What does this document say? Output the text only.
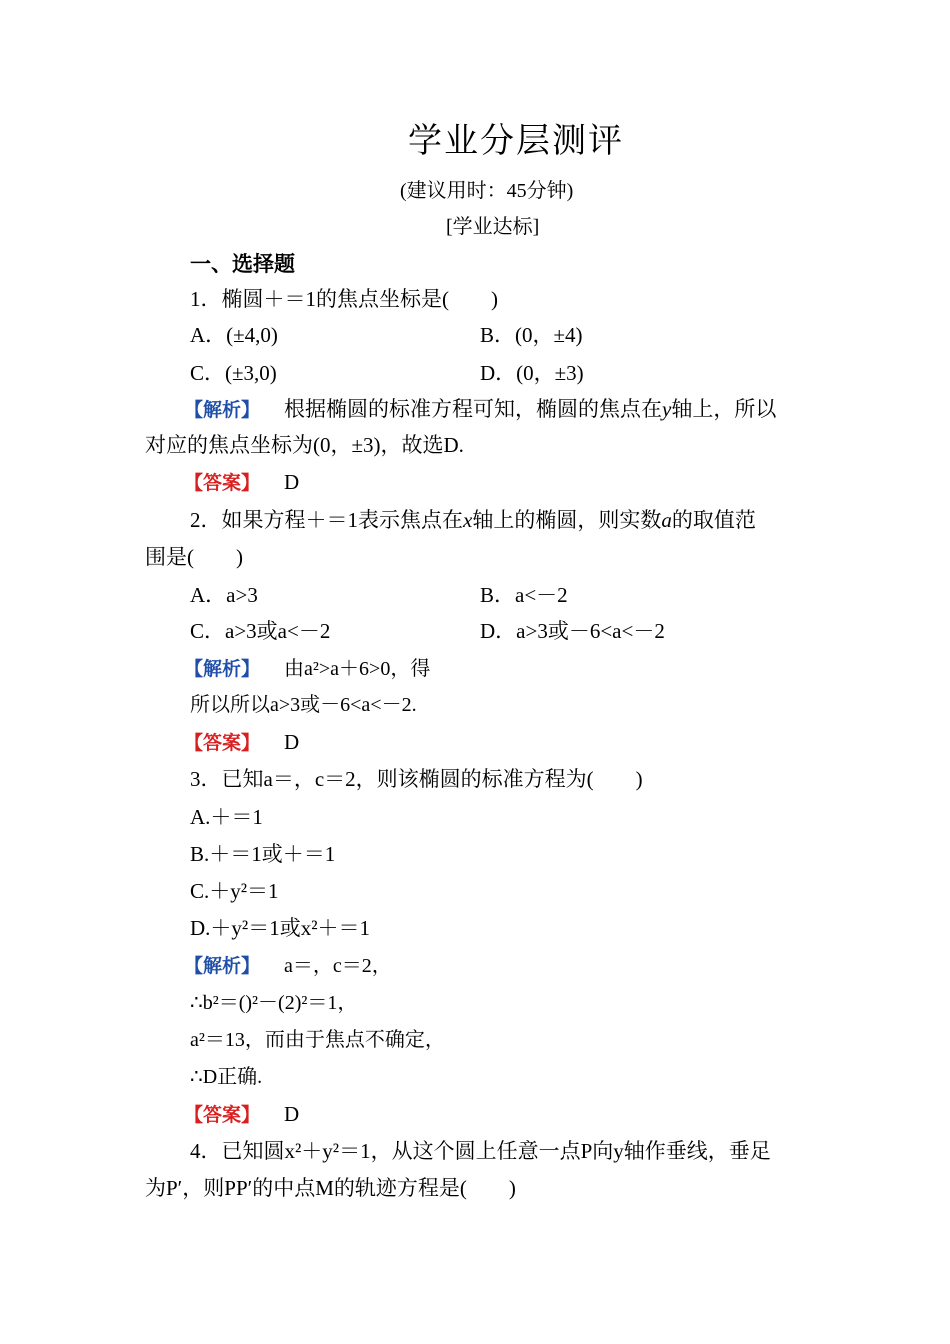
学业分层测评
(建议用时：45分钟)
[学业达标]
一、选择题
1．椭圆＋＝1的焦点坐标是(　　)
A．(±4,0)	B．(0，±4)
C．(±3,0)	D．(0，±3)
【解析】 根据椭圆的标准方程可知，椭圆的焦点在y轴上，所以
对应的焦点坐标为(0，±3)，故选D.
【答案】 D
2．如果方程＋＝1表示焦点在x轴上的椭圆，则实数a的取值范
围是(　　)
A．a>3	B．a<－2
C．a>3或a<－2	D．a>3或－6<a<－2
【解析】 由a²>a＋6>0，得
所以所以a>3或－6<a<－2.
【答案】 D
3．已知a＝，c＝2，则该椭圆的标准方程为(　　)
A.＋＝1
B.＋＝1或＋＝1
C.＋y²＝1
D.＋y²＝1或x²＋＝1
【解析】 a＝，c＝2，
∴b²＝()²－(2)²＝1，
a²＝13，而由于焦点不确定，
∴D正确.
【答案】 D
4．已知圆x²＋y²＝1，从这个圆上任意一点P向y轴作垂线，垂足
为P′，则PP′的中点M的轨迹方程是(　　)
